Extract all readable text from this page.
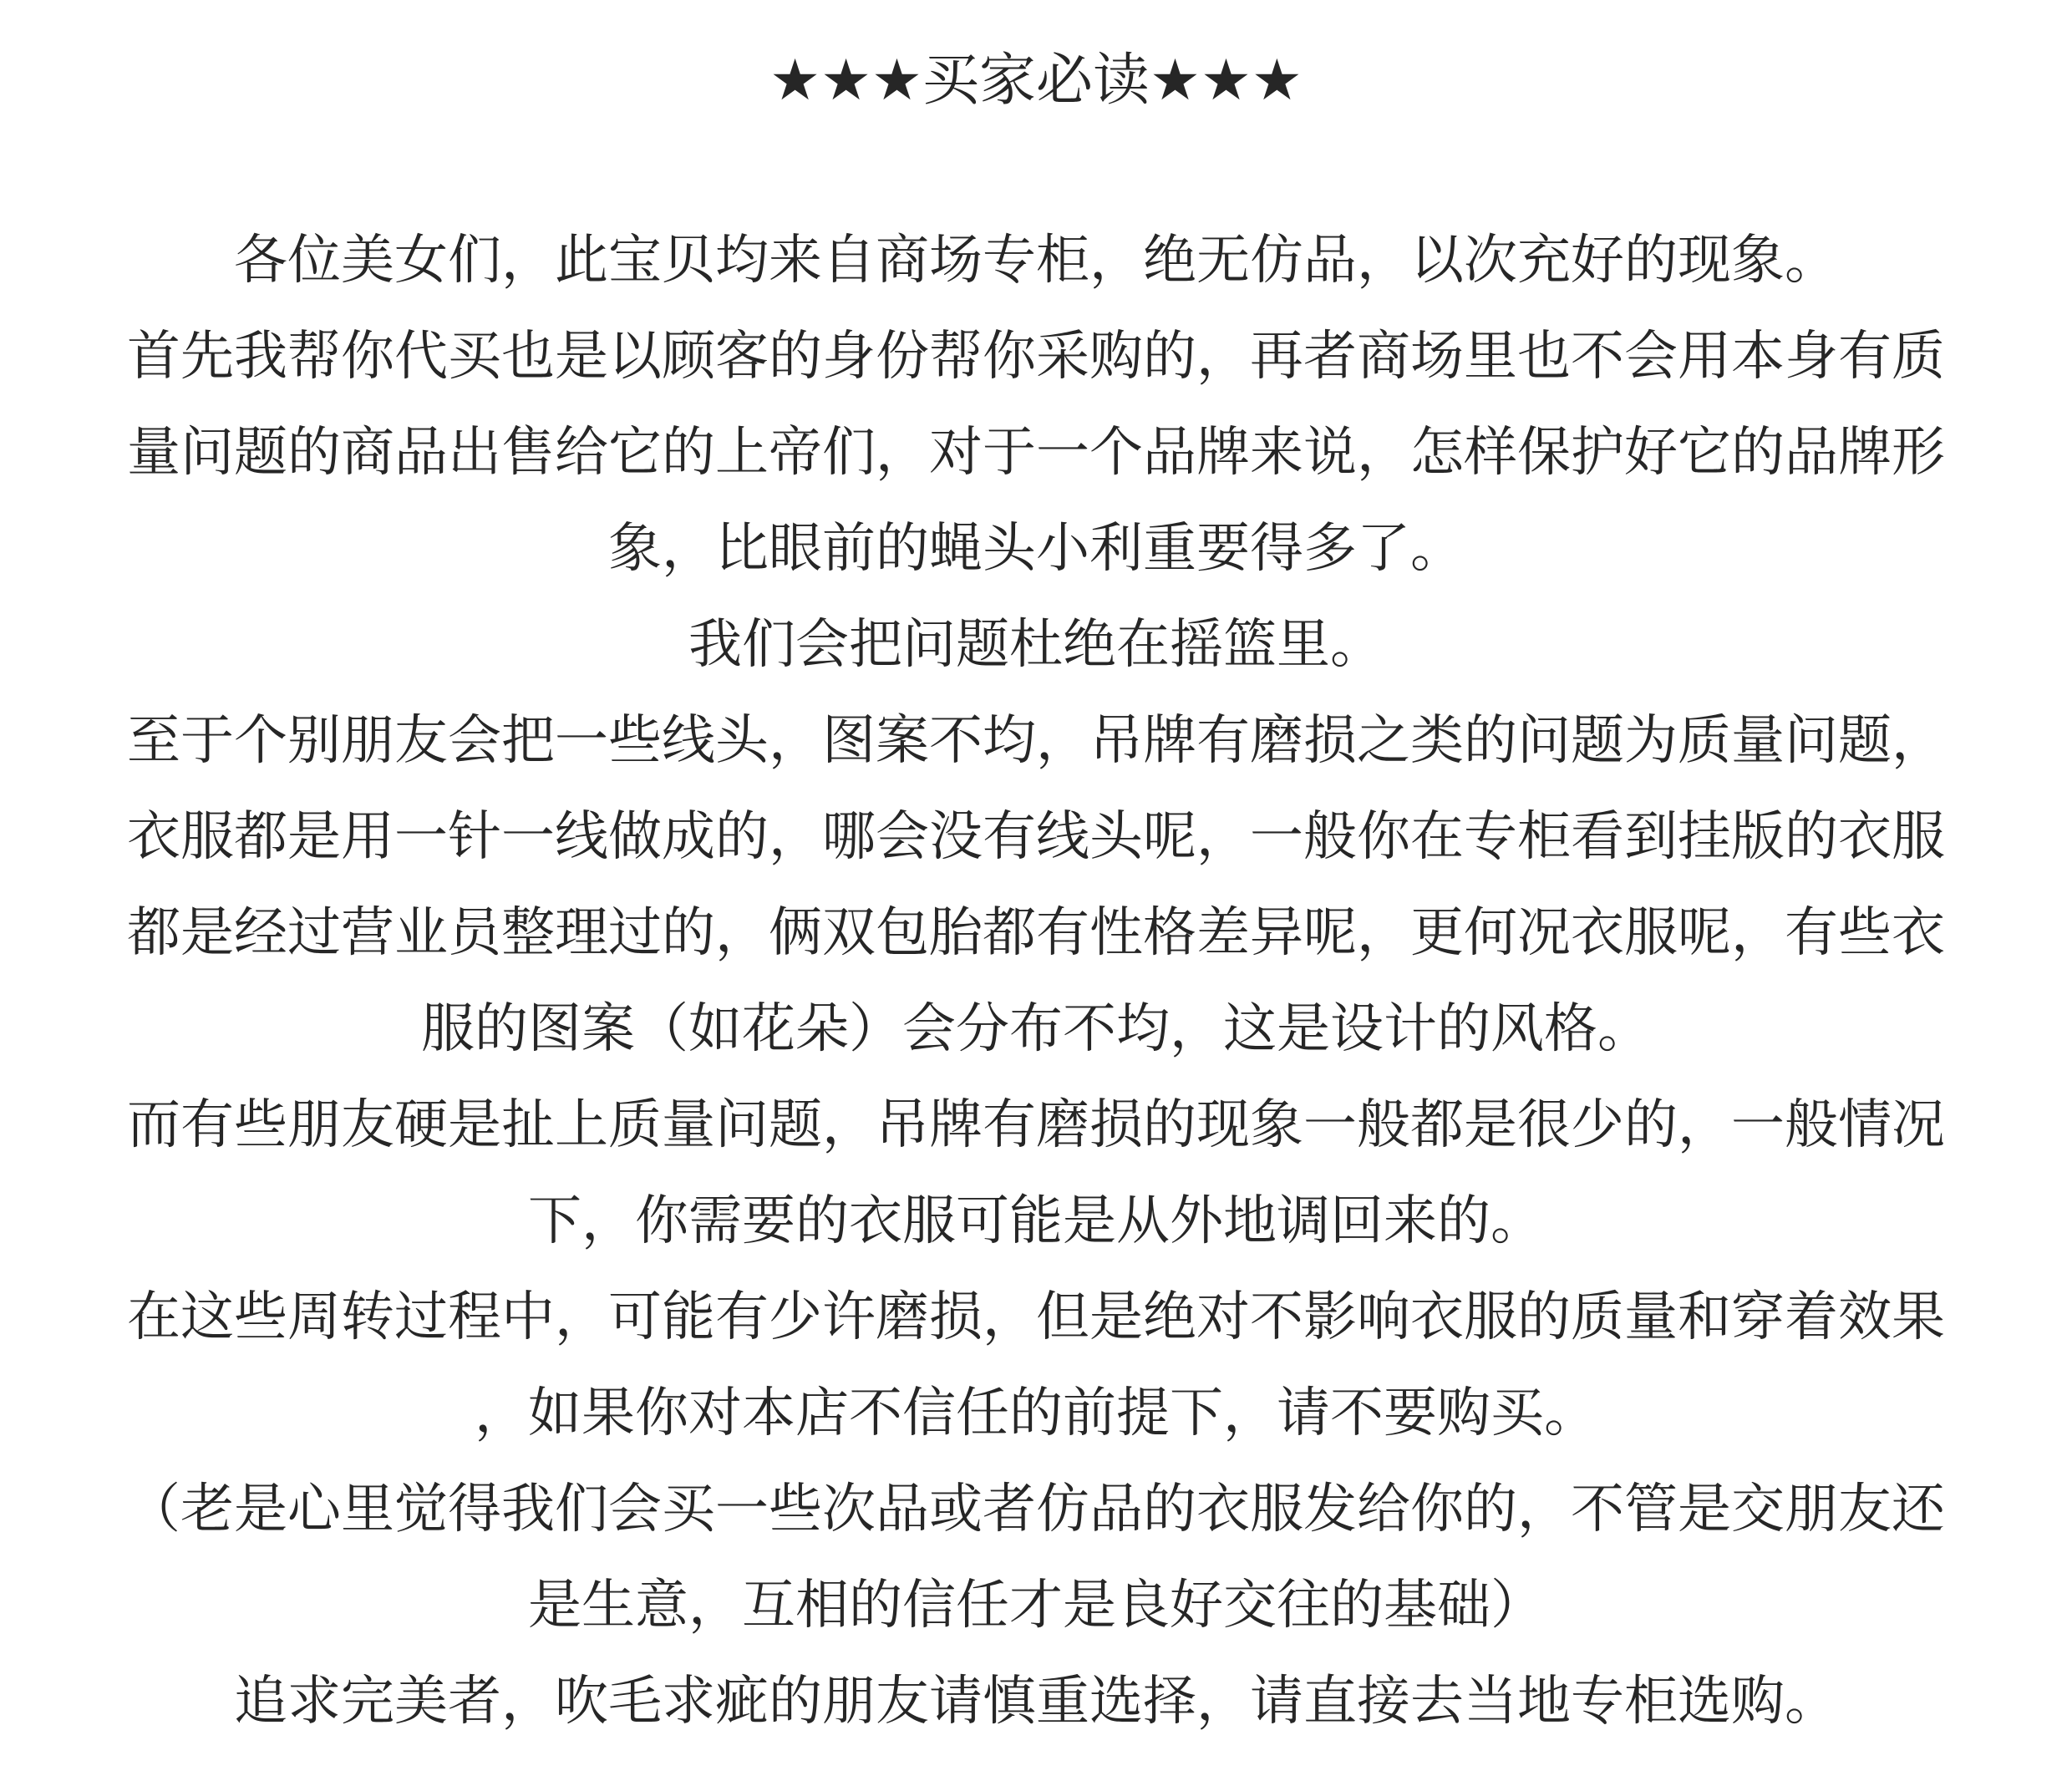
★★★买家必读★★★
各位美女们，此宝贝均来自商场专柜，绝无仿品，以次充好的现象。
首先我帮你代买也是以顾客的身份帮你采购的，再者商场里也不会用本身有质
量问题的商品出售给它的上帝们，对于一个品牌来说，怎样保护好它的品牌形
象，比眼前的蝇头小利重要得多了。
我们会把问题杜绝在摇篮里。
至于个别朋友会把一些线头，图案不均，吊牌有磨损之类的问题为质量问题，
衣服都是用一针一线做成的，哪会没有线头呢，一般你在专柜看到挂版的衣服
都是经过营业员整理过的，俩双包胎都有性格差异呢，更何况衣服呢，有些衣
服的图案（如花朵）会分布不均，这是设计的风格。
而有些朋友硬是扯上质量问题，吊牌有磨损的现象一般都是很少的，一般情况
下，你需要的衣服可能是从外地调回来的。
在这些周转过程中，可能有少许磨损，但是绝对不影响衣服的质量和穿着效果
，如果你对本店不信任的前提下，请不要购买。
（老是心里觉得我们会买一些次品或者仿品的衣服发给你的，不管是交朋友还
是生意，互相的信任才是良好交往的基础）
追求完美者，吹毛求疵的朋友请慎重选择，请直接去当地专柜选购。
